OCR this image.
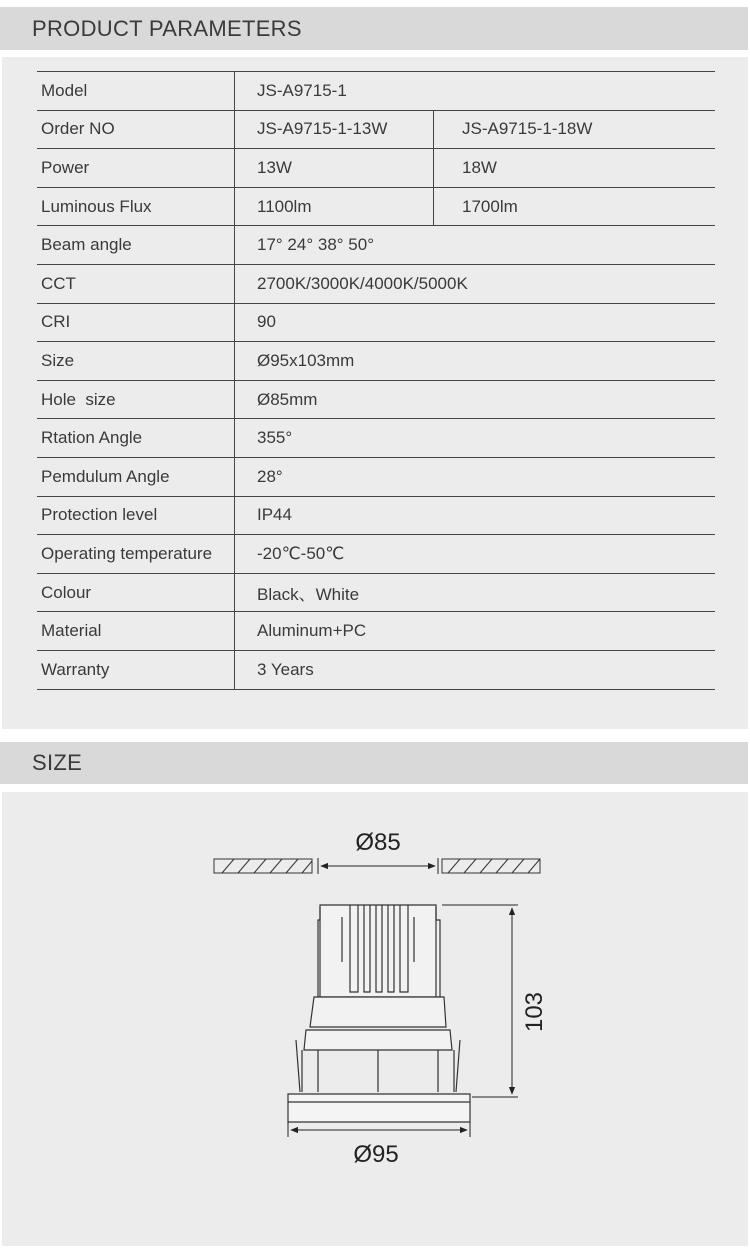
PRODUCT PARAMETERS
Model	JS-A9715-1	
Order NO	JS-A9715-1-13W	JS-A9715-1-18W
Power	13W	18W
Luminous Flux	1100lm	1700lm
Beam angle	17° 24° 38° 50°	
CCT	2700K/3000K/4000K/5000K	
CRI	90	
Size	Ø95x103mm	
Hole  size	Ø85mm	
Rtation Angle	355°	
Pemdulum Angle	28°	
Protection level	IP44	
Operating temperature	-20℃-50℃	
Colour	Black、White	
Material	Aluminum+PC	
Warranty	3 Years	
SIZE
Ø85
103
Ø95
